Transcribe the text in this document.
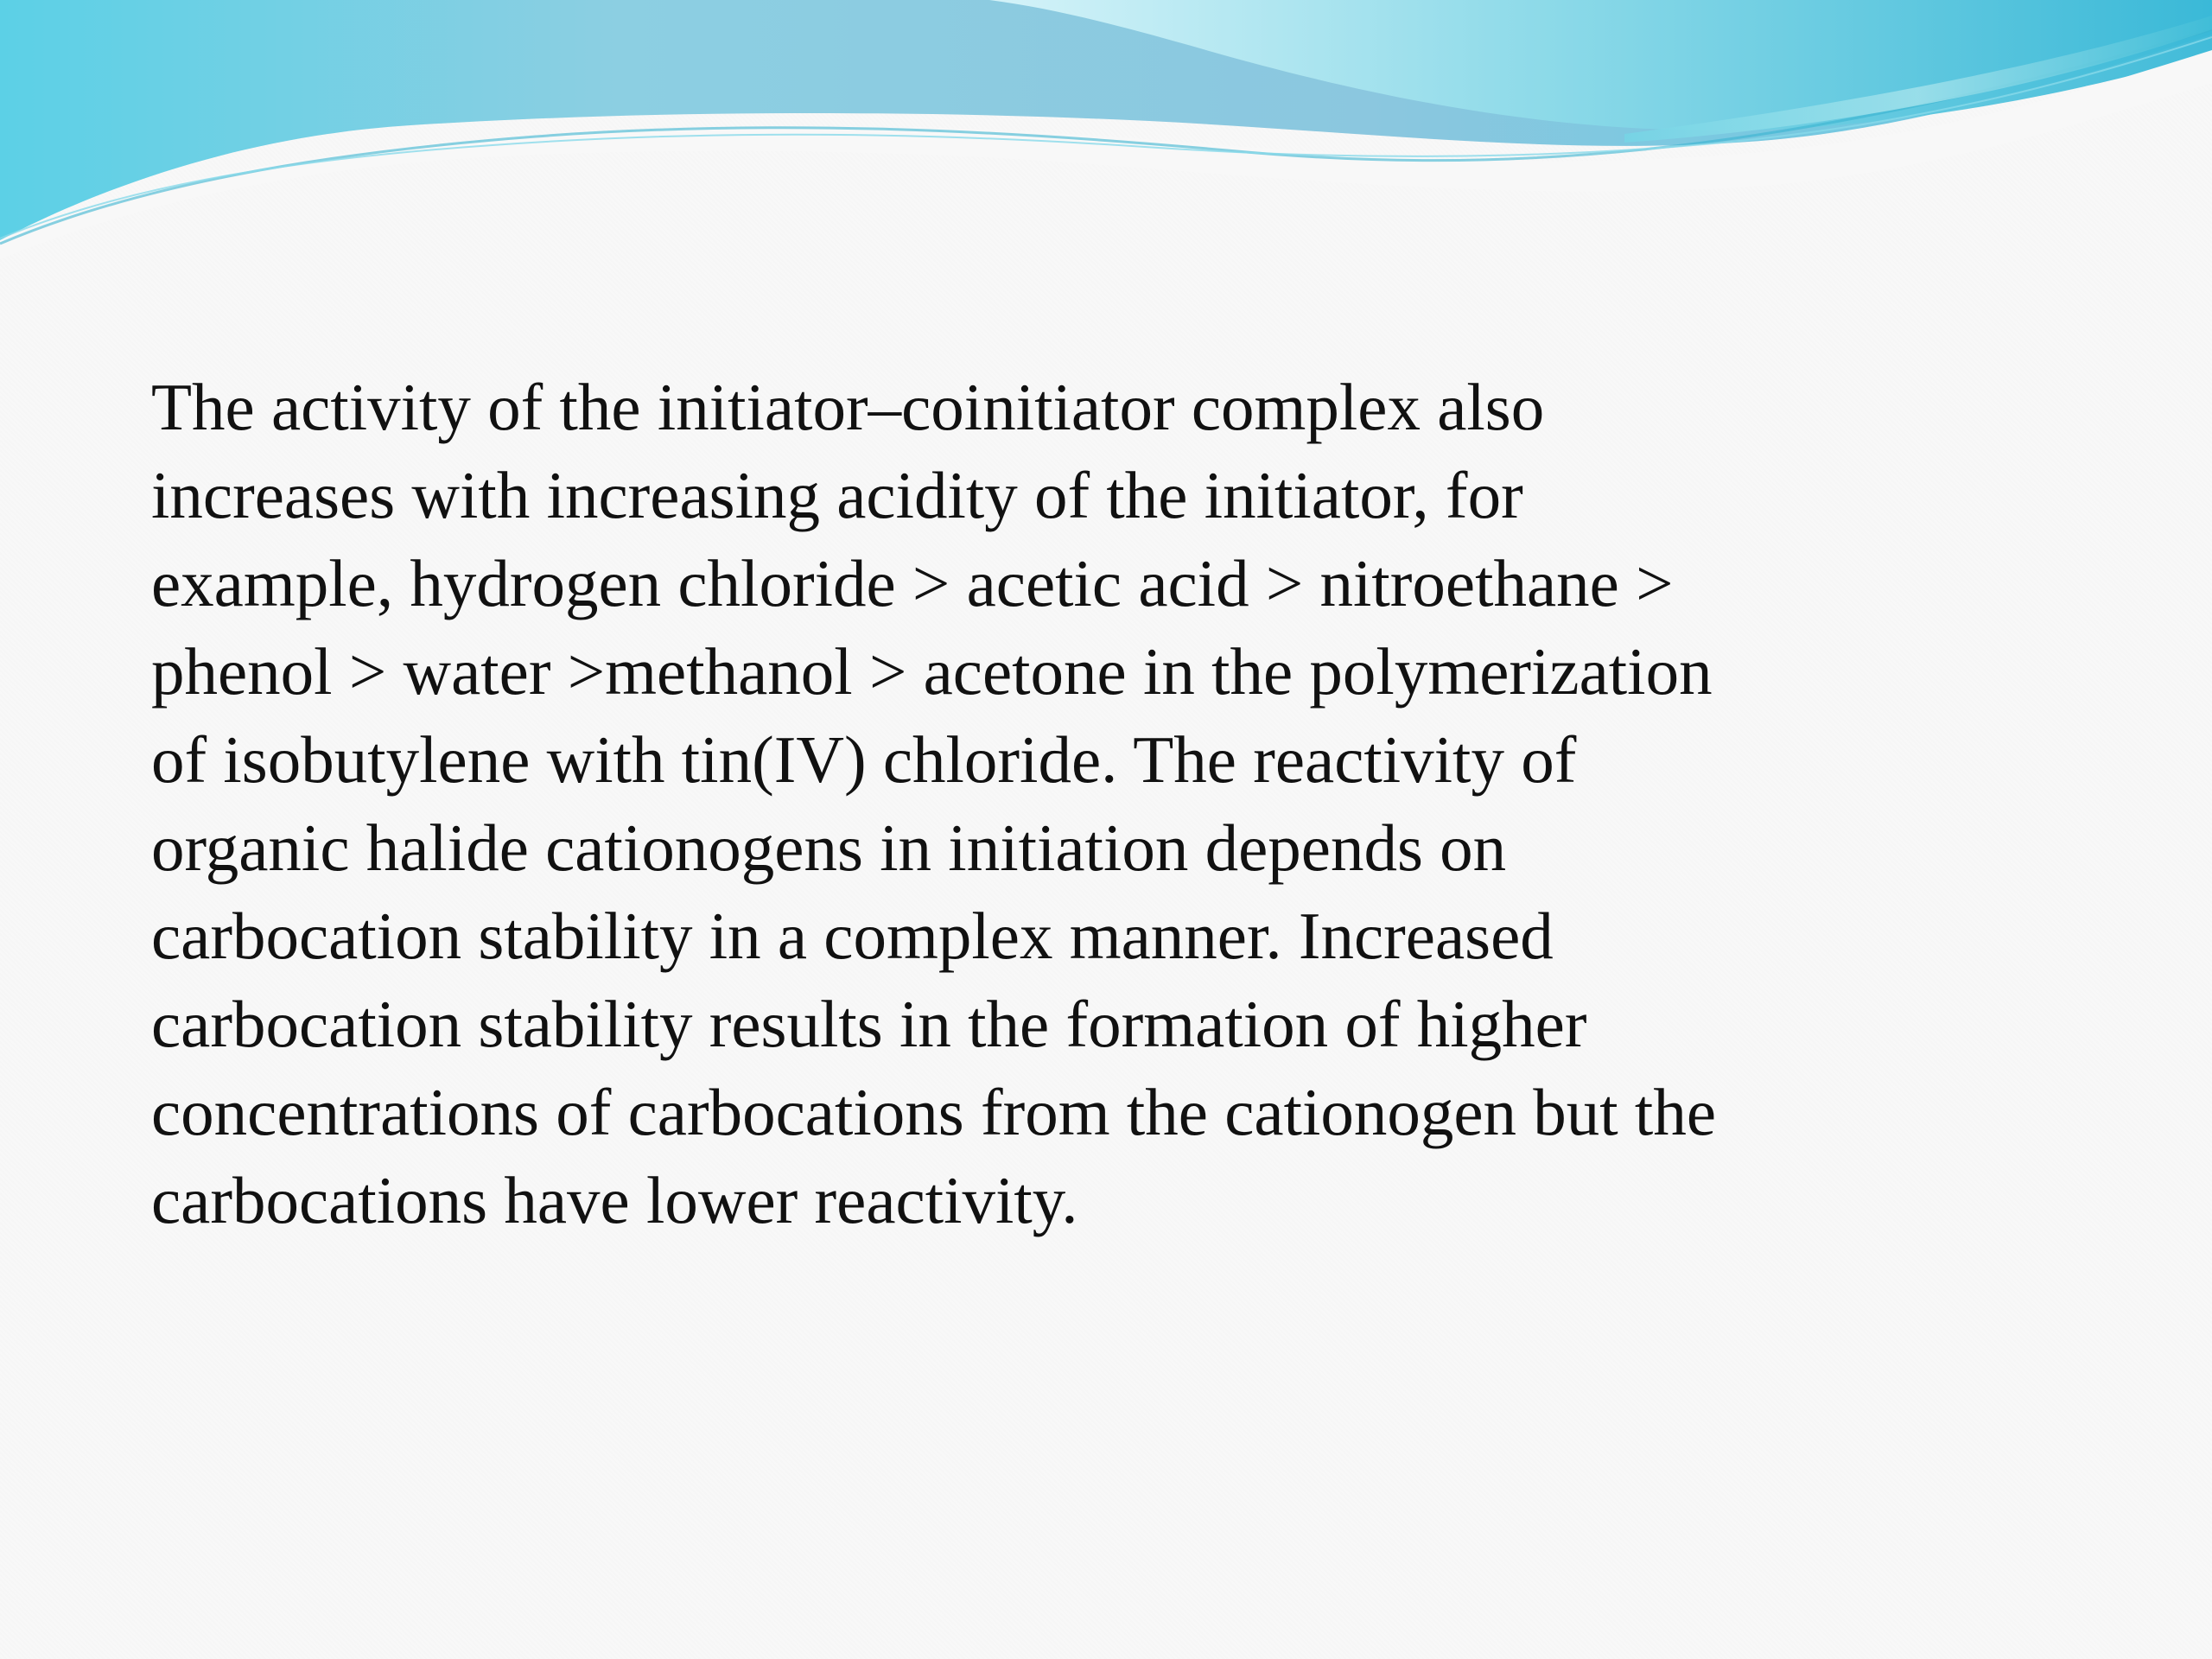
The activity of the initiator–coinitiator complex also
increases with increasing acidity of the initiator, for
example, hydrogen chloride > acetic acid > nitroethane >
phenol > water >methanol > acetone in the polymerization
of isobutylene with tin(IV) chloride. The reactivity of
organic halide cationogens in initiation depends on
carbocation stability in a complex manner. Increased
carbocation stability results in the formation of higher
concentrations of carbocations from the cationogen but the
carbocations have lower reactivity.
